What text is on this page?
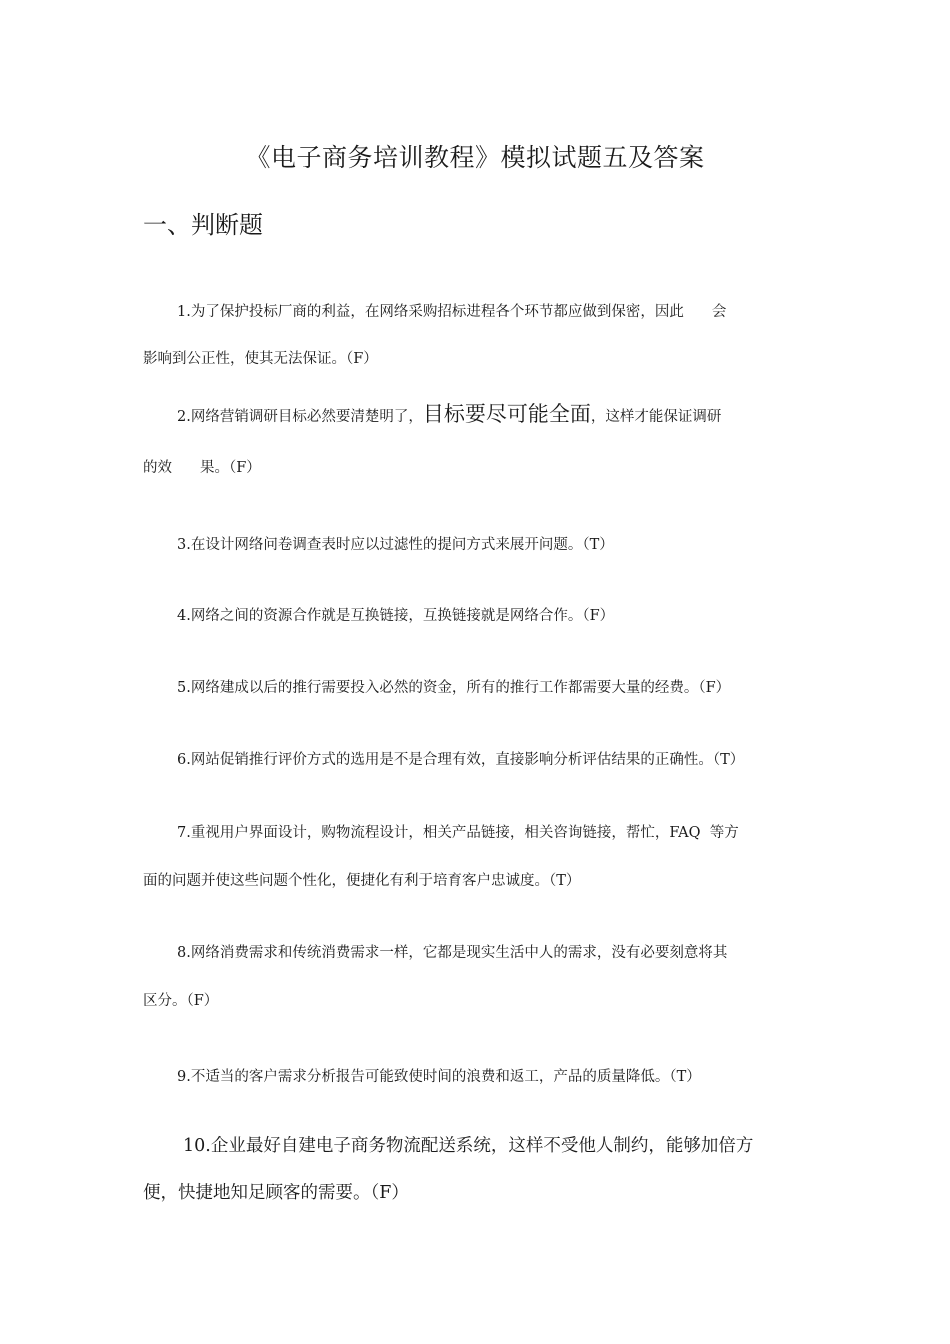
《电子商务培训教程》模拟试题五及答案
一、判断题
1.为了保护投标厂商的利益，在网络采购招标进程各个环节都应做到保密，因此 会
影响到公正性，使其无法保证。（F）
2.网络营销调研目标必然要清楚明了，目标要尽可能全面，这样才能保证调研
的效 果。（F）
3.在设计网络问卷调查表时应以过滤性的提问方式来展开问题。（T）
4.网络之间的资源合作就是互换链接，互换链接就是网络合作。（F）
5.网络建成以后的推行需要投入必然的资金，所有的推行工作都需要大量的经费。（F）
6.网站促销推行评价方式的选用是不是合理有效，直接影响分析评估结果的正确性。（T）
7.重视用户界面设计，购物流程设计，相关产品链接，相关咨询链接，帮忙，FAQ  等方
面的问题并使这些问题个性化，便捷化有利于培育客户忠诚度。（T）
8.网络消费需求和传统消费需求一样，它都是现实生活中人的需求，没有必要刻意将其
区分。（F）
9.不适当的客户需求分析报告可能致使时间的浪费和返工，产品的质量降低。（T）
10.企业最好自建电子商务物流配送系统，这样不受他人制约，能够加倍方
便，快捷地知足顾客的需要。（F）
